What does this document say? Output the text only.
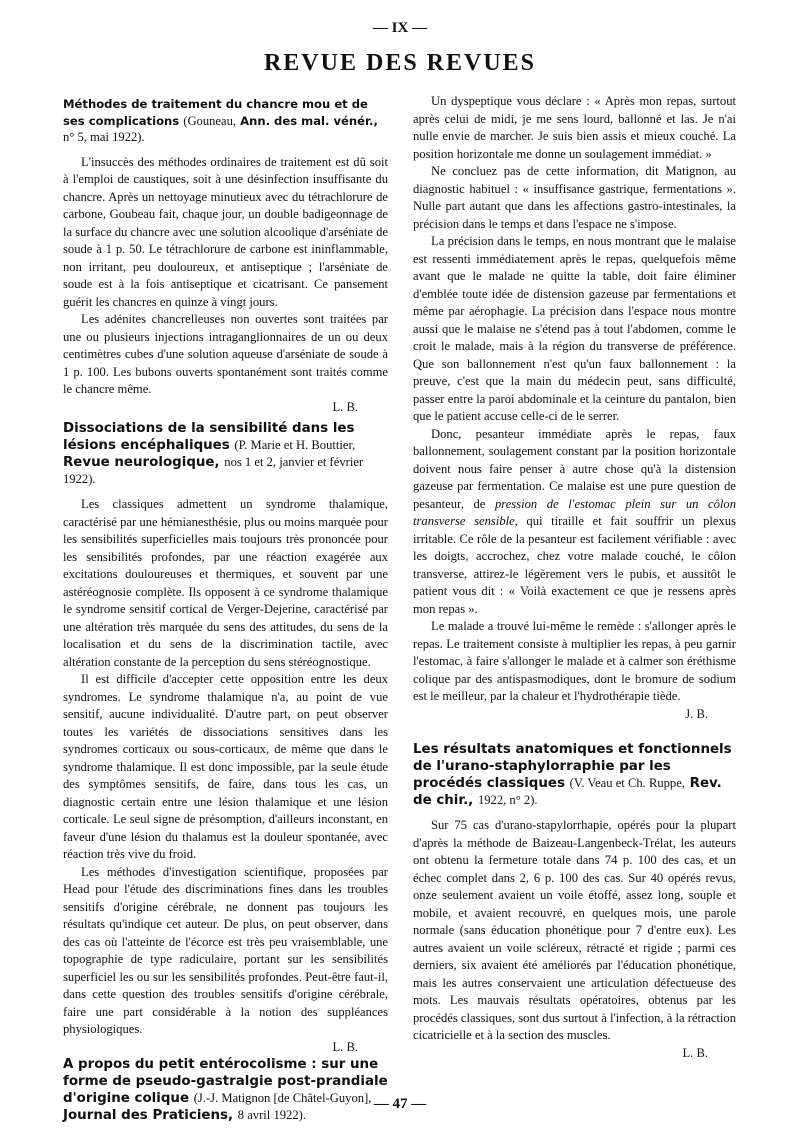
— IX —
REVUE DES REVUES

Méthodes de traitement du chancre mou et de ses complications (Gouneau, Ann. des mal. vénér., n° 5, mai 1922).

L'insuccès des méthodes ordinaires de traitement est dû soit à l'emploi de caustiques, soit à une désinfection insuffisante du chancre. Après un nettoyage minutieux avec du tétrachlorure de carbone, Goubeau fait, chaque jour, un double badigeonnage de la surface du chancre avec une solution alcoolique d'arséniate de soude à 1 p. 50. Le tétrachlorure de carbone est ininflammable, non irritant, peu douloureux, et antiseptique ; l'arséniate de soude est à la fois antiseptique et cicatrisant. Ce pansement guérit les chancres en quinze à vingt jours.

Les adénites chancrelleuses non ouvertes sont traitées par une ou plusieurs injections intraganglionnaires de un ou deux centimètres cubes d'une solution aqueuse d'arséniate de soude à 1 p. 100. Les bubons ouverts spontanément sont traités comme le chancre même.

L. B.

Dissociations de la sensibilité dans les lésions encéphaliques (P. Marie et H. Bouttier, Revue neurologique, nos 1 et 2, janvier et février 1922).

Les classiques admettent un syndrome thalamique, caractérisé par une hémianesthésie, plus ou moins marquée pour les sensibilités superficielles mais toujours très prononcée pour les sensibilités profondes, par une réaction exagérée aux excitations douloureuses et thermiques, et souvent par une astéréognosie complète. Ils opposent à ce syndrome thalamique le syndrome sensitif cortical de Verger-Dejerine, caractérisé par une altération très marquée du sens des attitudes, du sens de la localisation et du sens de la discrimination tactile, avec altération constante de la perception du sens stéréognostique.

Il est difficile d'accepter cette opposition entre les deux syndromes. Le syndrome thalamique n'a, au point de vue sensitif, aucune individualité. D'autre part, on peut observer toutes les variétés de dissociations sensitives dans les syndromes corticaux ou sous-corticaux, de même que dans le syndrome thalamique. Il est donc impossible, par la seule étude des symptômes sensitifs, de faire, dans tous les cas, un diagnostic certain entre une lésion thalamique et une lésion corticale. Le seul signe de présomption, d'ailleurs inconstant, en faveur d'une lésion du thalamus est la douleur spontanée, avec réaction très vive du froid.

Les méthodes d'investigation scientifique, proposées par Head pour l'étude des discriminations fines dans les troubles sensitifs d'origine cérébrale, ne donnent pas toujours les résultats qu'indique cet auteur. De plus, on peut observer, dans des cas où l'atteinte de l'écorce est très peu vraisemblable, une topographie de type radiculaire, portant sur les sensibilités superficiel les ou sur les sensibilités profondes. Peut-être faut-il, dans cette question des troubles sensitifs d'origine cérébrale, faire une part considérable à la notion des suppléances physiologiques.

L. B.

A propos du petit entérocolisme : sur une forme de pseudo-gastralgie post-prandiale d'origine colique (J.-J. Matignon [de Châtel-Guyon], Journal des Praticiens, 8 avril 1922).

Un dyspeptique vous déclare : « Après mon repas, surtout après celui de midi, je me sens lourd, ballonné et las. Je n'ai nulle envie de marcher. Je suis bien assis et mieux couché. La position horizontale me donne un soulagement immédiat. »

Ne concluez pas de cette information, dit Matignon, au diagnostic habituel : « insuffisance gastrique, fermentations ». Nulle part autant que dans les affections gastro-intestinales, la précision dans le temps et dans l'espace ne s'impose.

La précision dans le temps, en nous montrant que le malaise est ressenti immédiatement après le repas, quelquefois même avant que le malade ne quitte la table, doit faire éliminer d'emblée toute idée de distension gazeuse par fermentations et même par aérophagie. La précision dans l'espace nous montre aussi que le malaise ne s'étend pas à tout l'abdomen, comme le croit le malade, mais à la région du transverse de préférence. Que son ballonnement n'est qu'un faux ballonnement : la preuve, c'est que la main du médecin peut, sans difficulté, passer entre la paroi abdominale et la ceinture du pantalon, bien que le patient accuse celle-ci de le serrer.

Donc, pesanteur immédiate après le repas, faux ballonnement, soulagement constant par la position horizontale doivent nous faire penser à autre chose qu'à la distension gazeuse par fermentation. Ce malaise est une pure question de pesanteur, de pression de l'estomac plein sur un côlon transverse sensible, qui tiraille et fait souffrir un plexus irritable. Ce rôle de la pesanteur est facilement vérifiable : avec les doigts, accrochez, chez votre malade couché, le côlon transverse, attirez-le légèrement vers le pubis, et aussitôt le patient vous dit : « Voilà exactement ce que je ressens après mon repas ».

Le malade a trouvé lui-même le remède : s'allonger après le repas. Le traitement consiste à multiplier les repas, à peu garnir l'estomac, à faire s'allonger le malade et à calmer son éréthisme colique par des antispasmodiques, dont le bromure de sodium est le meilleur, par la chaleur et l'hydrothérapie tiède.

J. B.

Les résultats anatomiques et fonctionnels de l'urano-staphylorraphie par les procédés classiques (V. Veau et Ch. Ruppe, Rev. de chir., 1922, n° 2).

Sur 75 cas d'urano-stapylorrhapie, opérés pour la plupart d'après la méthode de Baizeau-Langenbeck-Trélat, les auteurs ont obtenu la fermeture totale dans 74 p. 100 des cas, et un échec complet dans 2, 6 p. 100 des cas. Sur 40 opérés revus, onze seulement avaient un voile étoffé, assez long, souple et mobile, et avaient recouvré, en quelques mois, une parole normale (sans éducation phonétique pour 7 d'entre eux). Les autres avaient un voile scléreux, rétracté et rigide ; parmi ces derniers, six avaient été améliorés par l'éducation phonétique, mais les autres conservaient une articulation défectueuse des mots. Les mauvais résultats opératoires, obtenus par les procédés classiques, sont dus surtout à l'infection, à la rétraction cicatricielle et à la section des muscles.

L. B.

— 47 —
